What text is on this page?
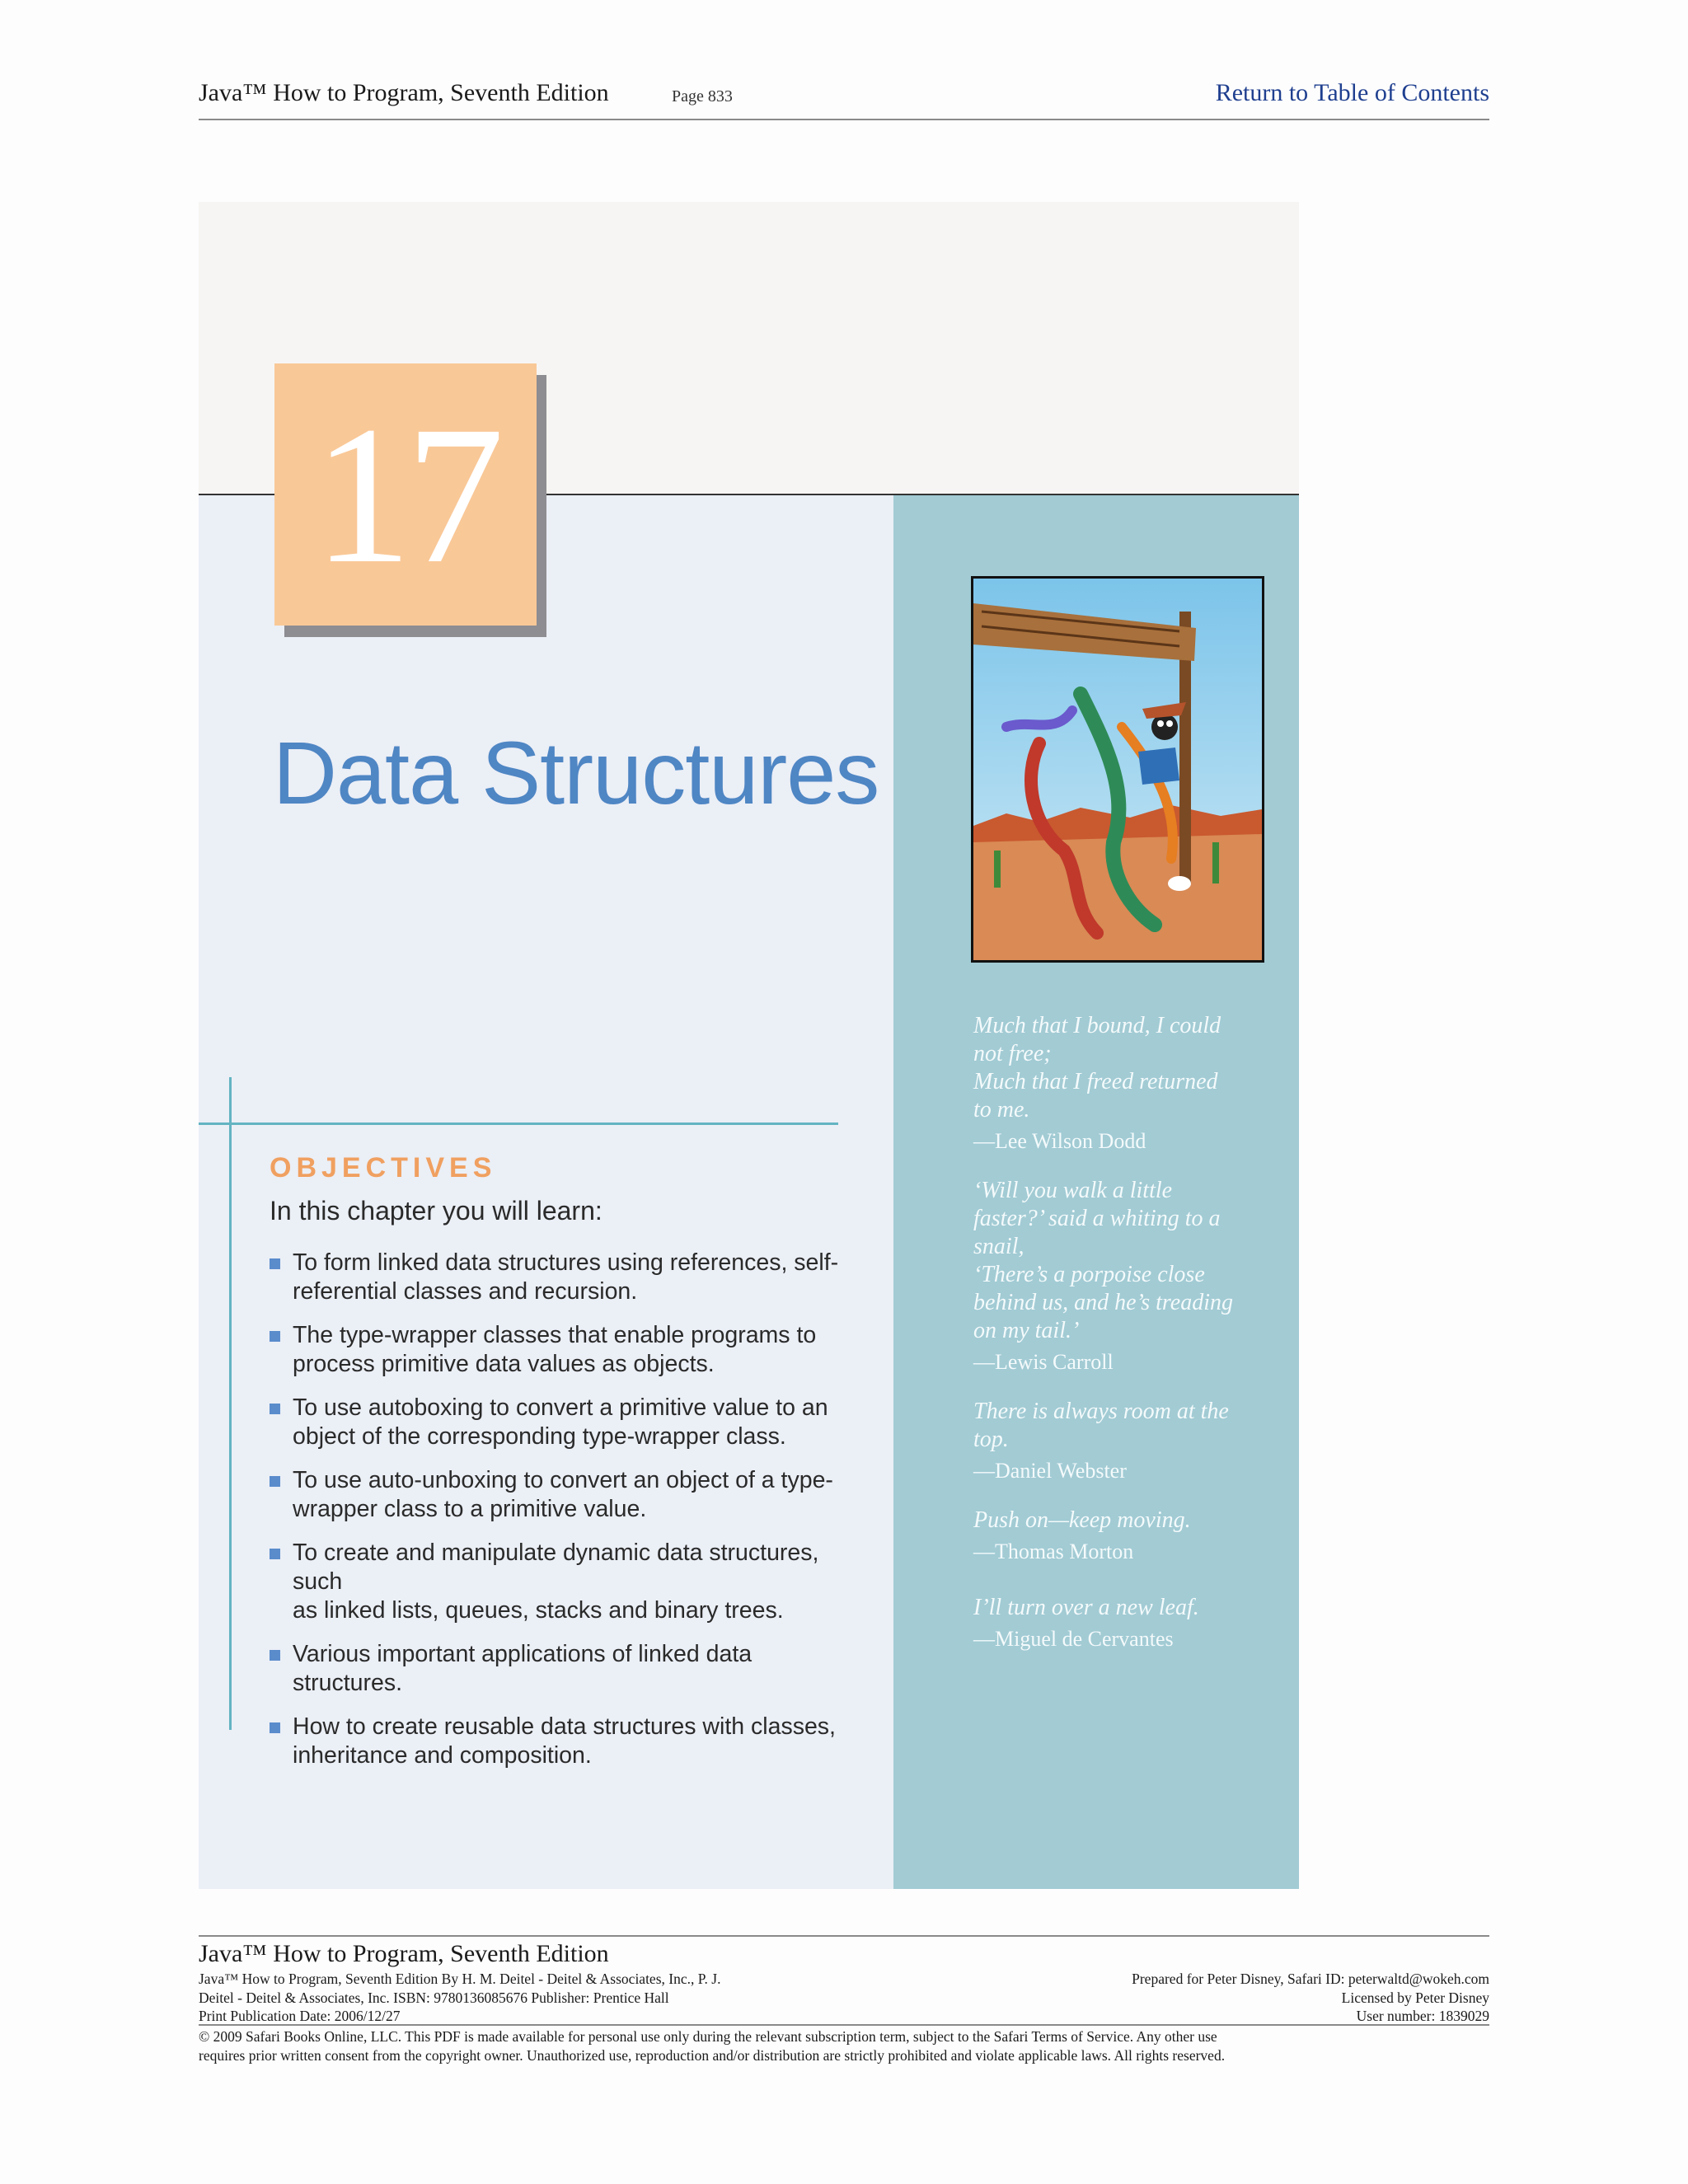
Java™ How to Program, Seventh Edition	Page 833	Return to Table of Contents
17
Data Structures
OBJECTIVES
In this chapter you will learn:
To form linked data structures using references, self-
referential classes and recursion.
The type-wrapper classes that enable programs to
process primitive data values as objects.
To use autoboxing to convert a primitive value to an
object of the corresponding type-wrapper class.
To use auto-unboxing to convert an object of a type-
wrapper class to a primitive value.
To create and manipulate dynamic data structures, such
as linked lists, queues, stacks and binary trees.
Various important applications of linked data structures.
How to create reusable data structures with classes,
inheritance and composition.
Much that I bound, I could
not free;
Much that I freed returned
to me.
—Lee Wilson Dodd
‘Will you walk a little
faster?’ said a whiting to a
snail,
‘There’s a porpoise close
behind us, and he’s treading
on my tail.’
—Lewis Carroll
There is always room at the
top.
—Daniel Webster
Push on—keep moving.
—Thomas Morton
I’ll turn over a new leaf.
—Miguel de Cervantes
Java™ How to Program, Seventh Edition
Java™ How to Program, Seventh Edition By H. M. Deitel - Deitel & Associates, Inc., P. J.
Deitel - Deitel & Associates, Inc. ISBN: 9780136085676 Publisher: Prentice Hall
Print Publication Date: 2006/12/27
Prepared for Peter Disney, Safari ID: peterwaltd@wokeh.com
Licensed by Peter Disney
User number: 1839029
© 2009 Safari Books Online, LLC. This PDF is made available for personal use only during the relevant subscription term, subject to the Safari Terms of Service. Any other use
requires prior written consent from the copyright owner. Unauthorized use, reproduction and/or distribution are strictly prohibited and violate applicable laws. All rights reserved.
